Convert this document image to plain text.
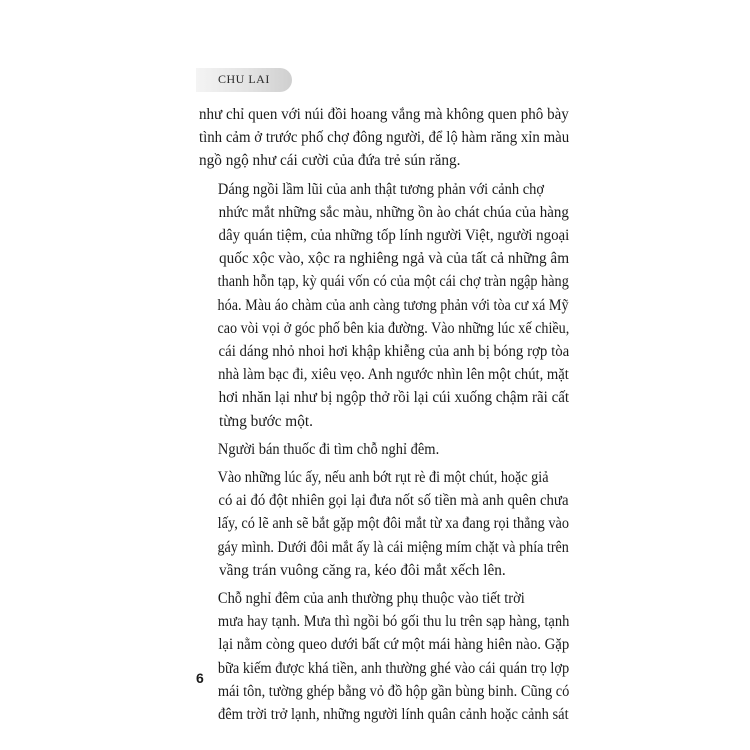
CHU LAI

như chỉ quen với núi đồi hoang vắng mà không quen phô bày
tình cảm ở trước phố chợ đông người, để lộ hàm răng xỉn màu
ngồ ngộ như cái cười của đứa trẻ sún răng.

Dáng ngồi lầm lũi của anh thật tương phản với cảnh chợ
nhức mắt những sắc màu, những ồn ào chát chúa của hàng
dây quán tiệm, của những tốp lính người Việt, người ngoại
quốc xộc vào, xộc ra nghiêng ngả và của tất cả những âm
thanh hỗn tạp, kỳ quái vốn có của một cái chợ tràn ngập hàng
hóa. Màu áo chàm của anh càng tương phản với tòa cư xá Mỹ
cao vòi vọi ở góc phố bên kia đường. Vào những lúc xế chiều,
cái dáng nhỏ nhoi hơi khập khiễng của anh bị bóng rợp tòa
nhà làm bạc đi, xiêu vẹo. Anh ngước nhìn lên một chút, mặt
hơi nhăn lại như bị ngộp thở rồi lại cúi xuống chậm rãi cất
từng bước một.

Người bán thuốc đi tìm chỗ nghỉ đêm.

Vào những lúc ấy, nếu anh bớt rụt rè đi một chút, hoặc giả
có ai đó đột nhiên gọi lại đưa nốt số tiền mà anh quên chưa
lấy, có lẽ anh sẽ bắt gặp một đôi mắt từ xa đang rọi thẳng vào
gáy mình. Dưới đôi mắt ấy là cái miệng mím chặt và phía trên
vầng trán vuông căng ra, kéo đôi mắt xếch lên.

Chỗ nghỉ đêm của anh thường phụ thuộc vào tiết trời
mưa hay tạnh. Mưa thì ngồi bó gối thu lu trên sạp hàng, tạnh
lại nằm còng queo dưới bất cứ một mái hàng hiên nào. Gặp
bữa kiếm được khá tiền, anh thường ghé vào cái quán trọ lợp
mái tôn, tường ghép bằng vỏ đồ hộp gần bùng binh. Cũng có
đêm trời trở lạnh, những người lính quân cảnh hoặc cảnh sát

6
